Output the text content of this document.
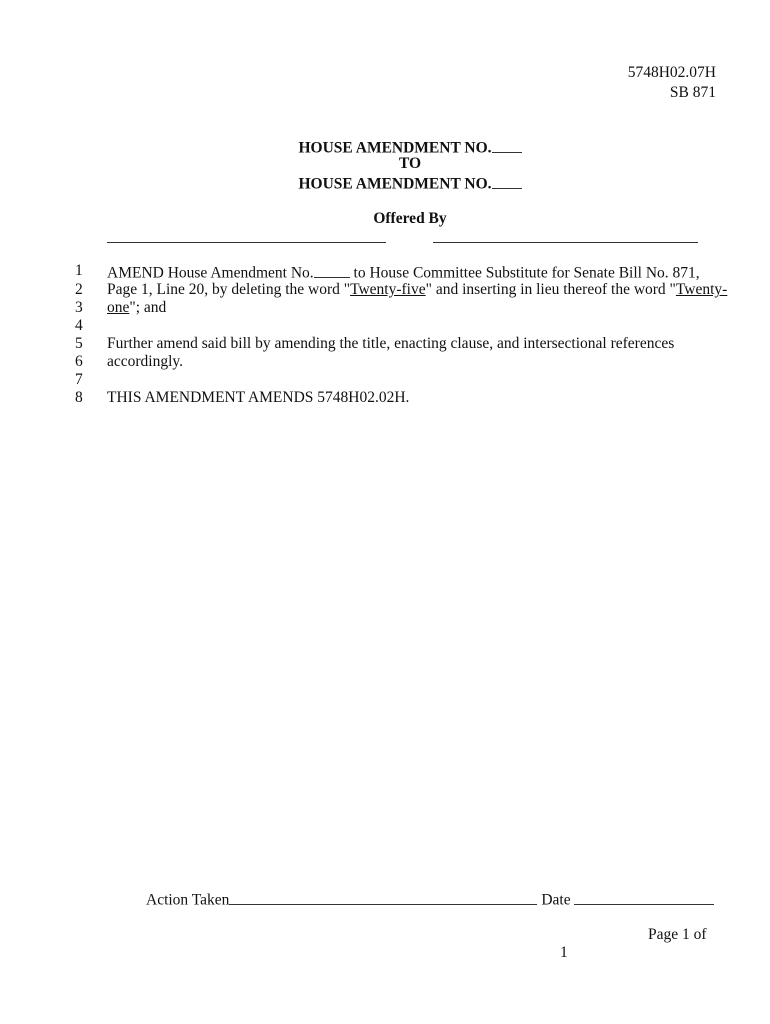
5748H02.07H
SB 871
HOUSE AMENDMENT NO.
TO
HOUSE AMENDMENT NO.
Offered By
1	AMEND House Amendment No. to House Committee Substitute for Senate Bill No. 871,
2	Page 1, Line 20, by deleting the word "Twenty-five" and inserting in lieu thereof the word "Twenty-
3	one"; and
4
5	Further amend said bill by amending the title, enacting clause, and intersectional references
6	accordingly.
7
8	THIS AMENDMENT AMENDS 5748H02.02H.
Action Taken	Date
Page 1 of
1
